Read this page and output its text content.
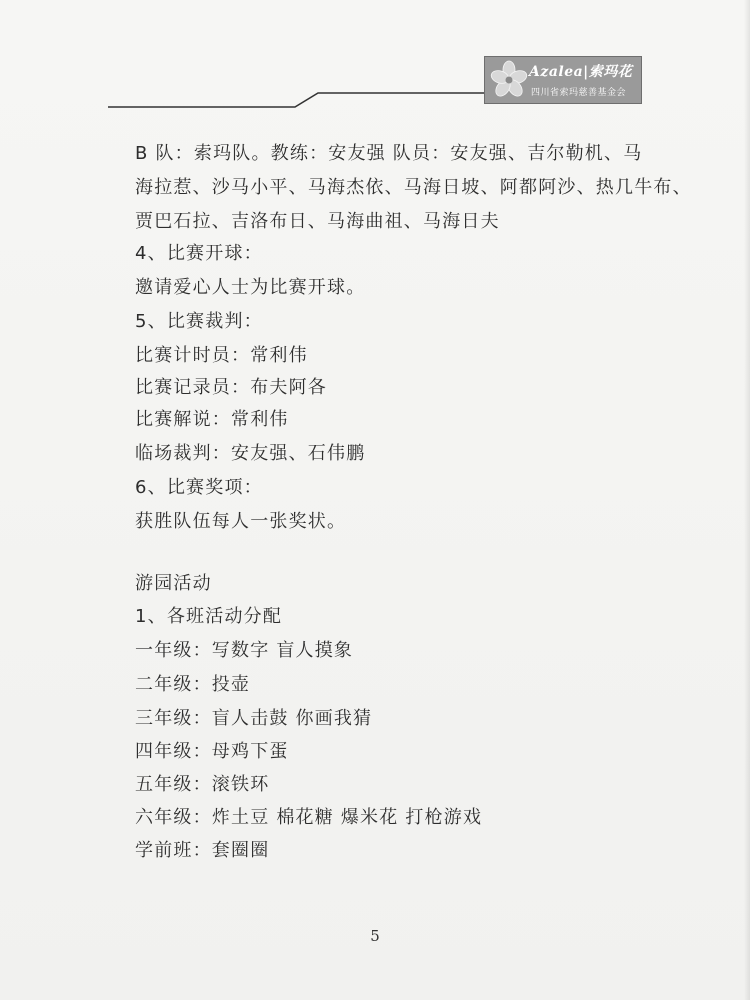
Azalea|索玛花
四川省索玛慈善基金会
B 队：索玛队。教练：安友强 队员：安友强、吉尔勒机、马
海拉惹、沙马小平、马海杰依、马海日坡、阿都阿沙、热几牛布、
贾巴石拉、吉洛布日、马海曲祖、马海日夫
4、比赛开球：
邀请爱心人士为比赛开球。
5、比赛裁判：
比赛计时员：常利伟
比赛记录员：布夫阿各
比赛解说：常利伟
临场裁判：安友强、石伟鹏
6、比赛奖项：
获胜队伍每人一张奖状。
游园活动
1、各班活动分配
一年级：写数字 盲人摸象
二年级：投壶
三年级：盲人击鼓 你画我猜
四年级：母鸡下蛋
五年级：滚铁环
六年级：炸土豆 棉花糖 爆米花 打枪游戏
学前班：套圈圈
5
